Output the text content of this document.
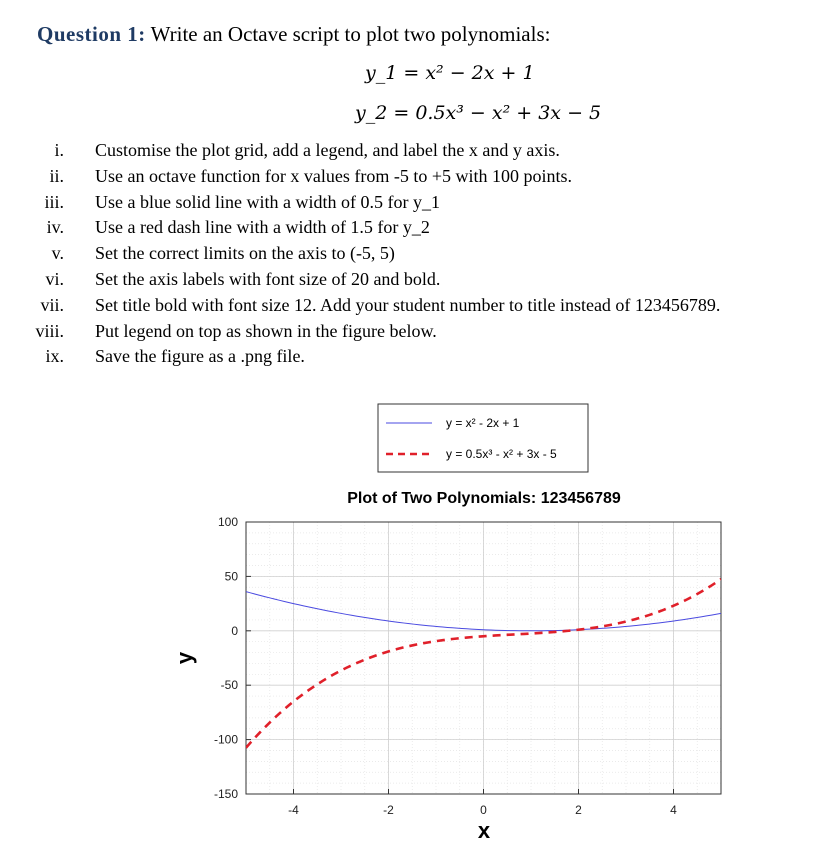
Question 1: Write an Octave script to plot two polynomials:
y_1 = x² − 2x + 1
y_2 = 0.5x³ − x² + 3x − 5
i. Customise the plot grid, add a legend, and label the x and y axis.
ii. Use an octave function for x values from -5 to +5 with 100 points.
iii. Use a blue solid line with a width of 0.5 for y_1
iv. Use a red dash line with a width of 1.5 for y_2
v. Set the correct limits on the axis to (-5, 5)
vi. Set the axis labels with font size of 20 and bold.
vii. Set title bold with font size 12. Add your student number to title instead of 123456789.
viii. Put legend on top as shown in the figure below.
ix. Save the figure as a .png file.
y = x² - 2x + 1
y = 0.5x³ - x² + 3x - 5
Plot of Two Polynomials: 123456789
-4	-2	0	2	4
100
50
0
-50
-100
-150
x
y
